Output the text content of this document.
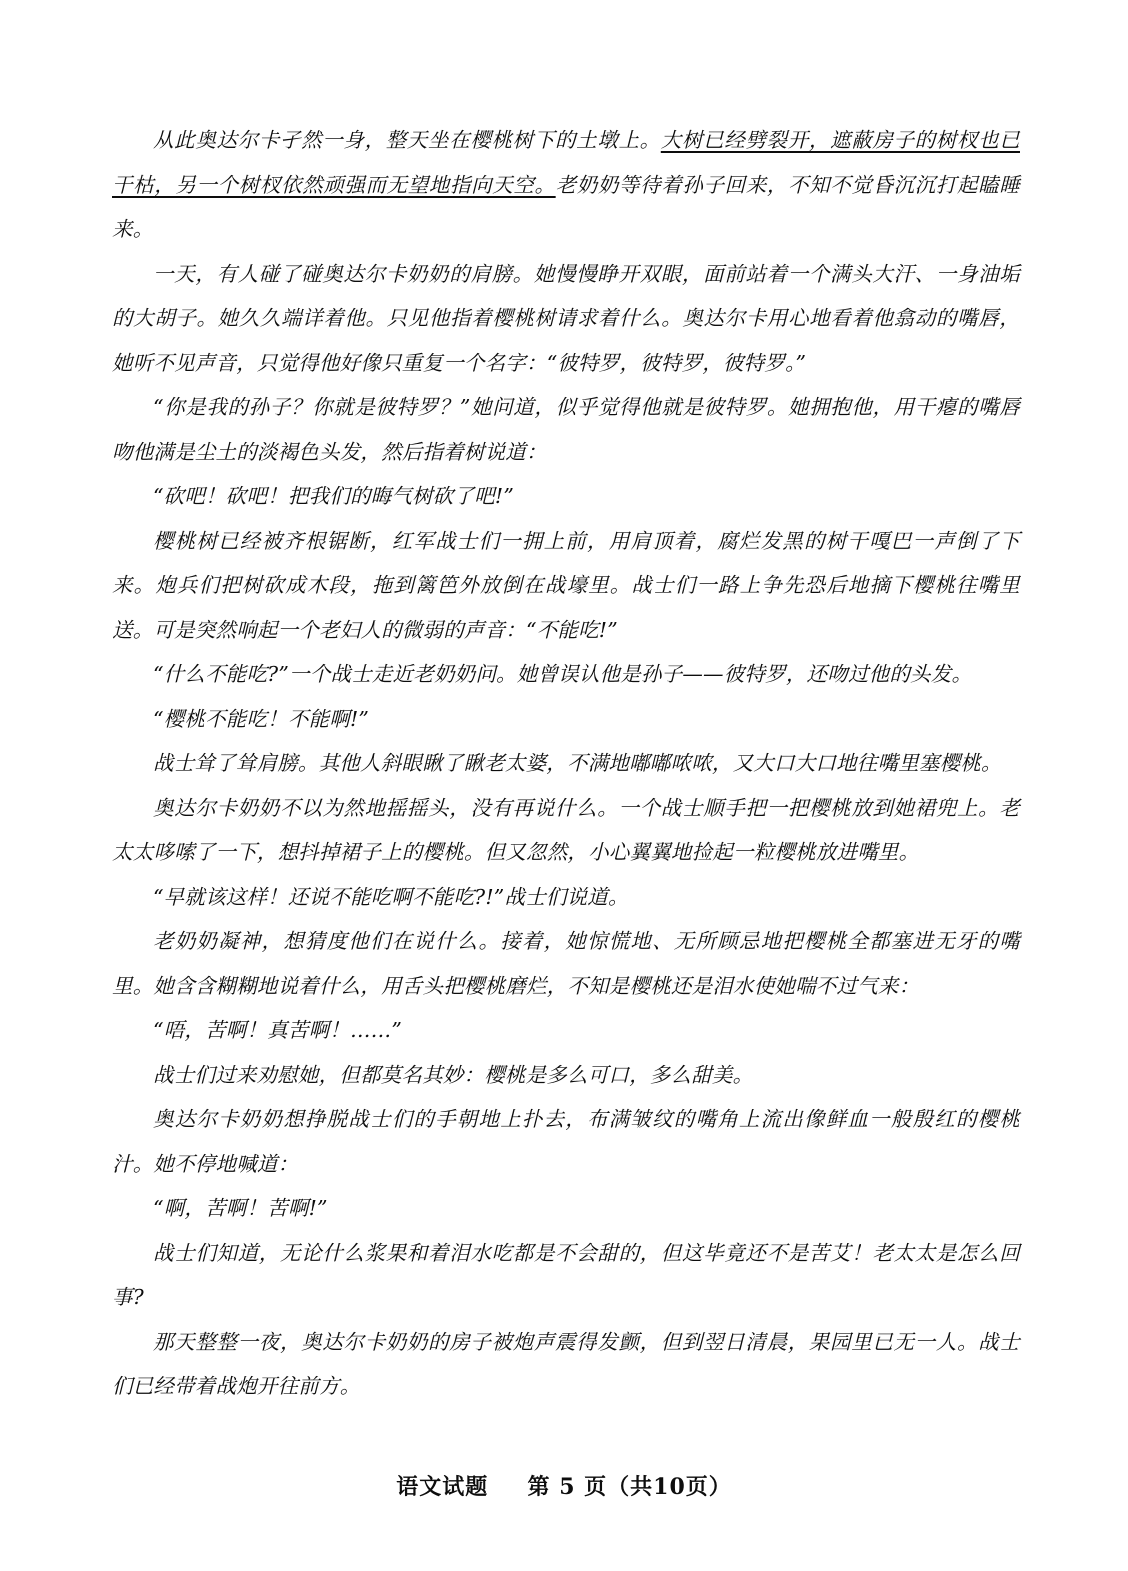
从此奥达尔卡孑然一身，整天坐在樱桃树下的土墩上。大树已经劈裂开，遮蔽房子的树杈也已干枯，另一个树杈依然顽强而无望地指向天空。老奶奶等待着孙子回来，不知不觉昏沉沉打起瞌睡来。

一天，有人碰了碰奥达尔卡奶奶的肩膀。她慢慢睁开双眼，面前站着一个满头大汗、一身油垢的大胡子。她久久端详着他。只见他指着樱桃树请求着什么。奥达尔卡用心地看着他翕动的嘴唇，她听不见声音，只觉得他好像只重复一个名字：“彼特罗，彼特罗，彼特罗。”

“你是我的孙子？你就是彼特罗？”她问道，似乎觉得他就是彼特罗。她拥抱他，用干瘪的嘴唇吻他满是尘土的淡褐色头发，然后指着树说道：

“砍吧！砍吧！把我们的晦气树砍了吧!”

樱桃树已经被齐根锯断，红军战士们一拥上前，用肩顶着，腐烂发黑的树干嘎巴一声倒了下来。炮兵们把树砍成木段，拖到篱笆外放倒在战壕里。战士们一路上争先恐后地摘下樱桃往嘴里送。可是突然响起一个老妇人的微弱的声音：“不能吃!”

“什么不能吃?”一个战士走近老奶奶问。她曾误认他是孙子——彼特罗，还吻过他的头发。

“樱桃不能吃！不能啊!”

战士耸了耸肩膀。其他人斜眼瞅了瞅老太婆，不满地嘟嘟哝哝，又大口大口地往嘴里塞樱桃。

奥达尔卡奶奶不以为然地摇摇头，没有再说什么。一个战士顺手把一把樱桃放到她裙兜上。老太太哆嗦了一下，想抖掉裙子上的樱桃。但又忽然，小心翼翼地捡起一粒樱桃放进嘴里。

“早就该这样！还说不能吃啊不能吃?!”战士们说道。

老奶奶凝神，想猜度他们在说什么。接着，她惊慌地、无所顾忌地把樱桃全都塞进无牙的嘴里。她含含糊糊地说着什么，用舌头把樱桃磨烂，不知是樱桃还是泪水使她喘不过气来：

“唔，苦啊！真苦啊！……”

战士们过来劝慰她，但都莫名其妙：樱桃是多么可口，多么甜美。

奥达尔卡奶奶想挣脱战士们的手朝地上扑去，布满皱纹的嘴角上流出像鲜血一般殷红的樱桃汁。她不停地喊道：

“啊，苦啊！苦啊!”

战士们知道，无论什么浆果和着泪水吃都是不会甜的，但这毕竟还不是苦艾！老太太是怎么回事?

那天整整一夜，奥达尔卡奶奶的房子被炮声震得发颤，但到翌日清晨，果园里已无一人。战士们已经带着战炮开往前方。

语文试题 第 5 页（共10页）
